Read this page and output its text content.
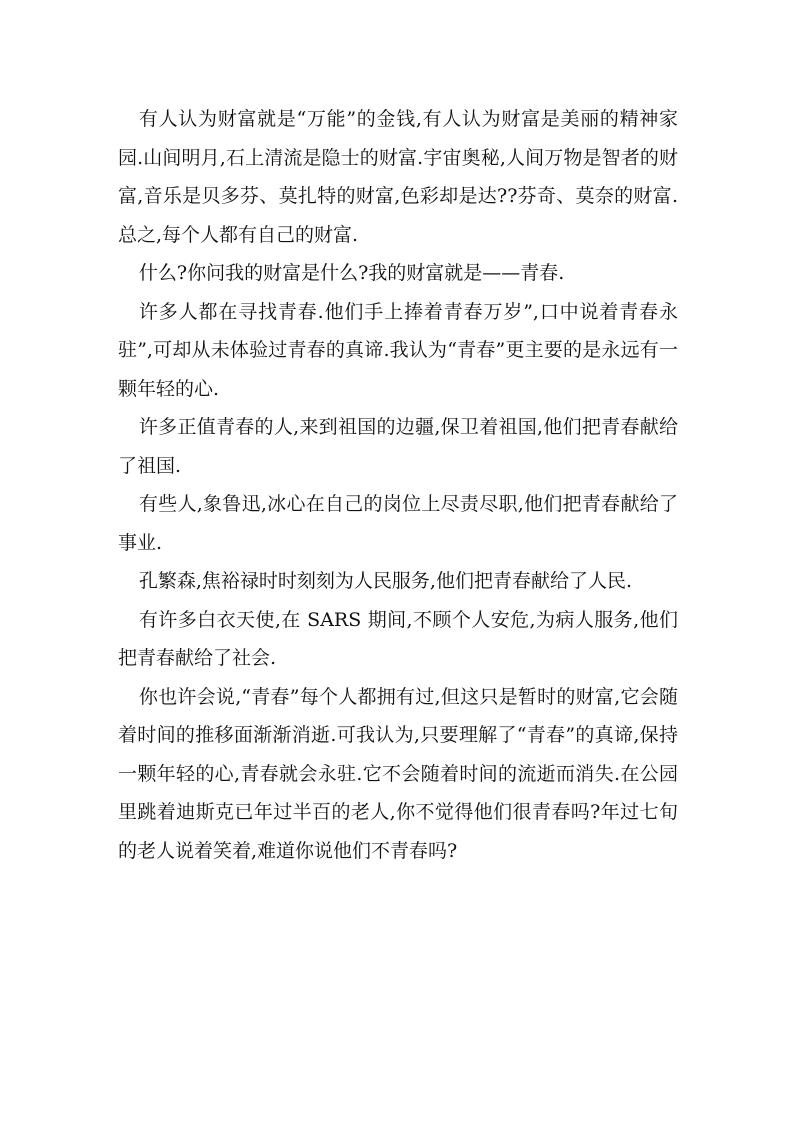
有人认为财富就是“万能”的金钱,有人认为财富是美丽的精神家园.山间明月,石上清流是隐士的财富.宇宙奥秘,人间万物是智者的财富,音乐是贝多芬、莫扎特的财富,色彩却是达??芬奇、莫奈的财富.总之,每个人都有自己的财富.

什么?你问我的财富是什么?我的财富就是——青春.

许多人都在寻找青春.他们手上捧着青春万岁”,口中说着青春永驻”,可却从未体验过青春的真谛.我认为“青春”更主要的是永远有一颗年轻的心.

许多正值青春的人,来到祖国的边疆,保卫着祖国,他们把青春献给了祖国.

有些人,象鲁迅,冰心在自己的岗位上尽责尽职,他们把青春献给了事业.

孔繁森,焦裕禄时时刻刻为人民服务,他们把青春献给了人民.

有许多白衣天使,在 SARS 期间,不顾个人安危,为病人服务,他们把青春献给了社会.

你也许会说,“青春”每个人都拥有过,但这只是暂时的财富,它会随着时间的推移面渐渐消逝.可我认为,只要理解了“青春”的真谛,保持一颗年轻的心,青春就会永驻.它不会随着时间的流逝而消失.在公园里跳着迪斯克已年过半百的老人,你不觉得他们很青春吗?年过七旬的老人说着笑着,难道你说他们不青春吗?
